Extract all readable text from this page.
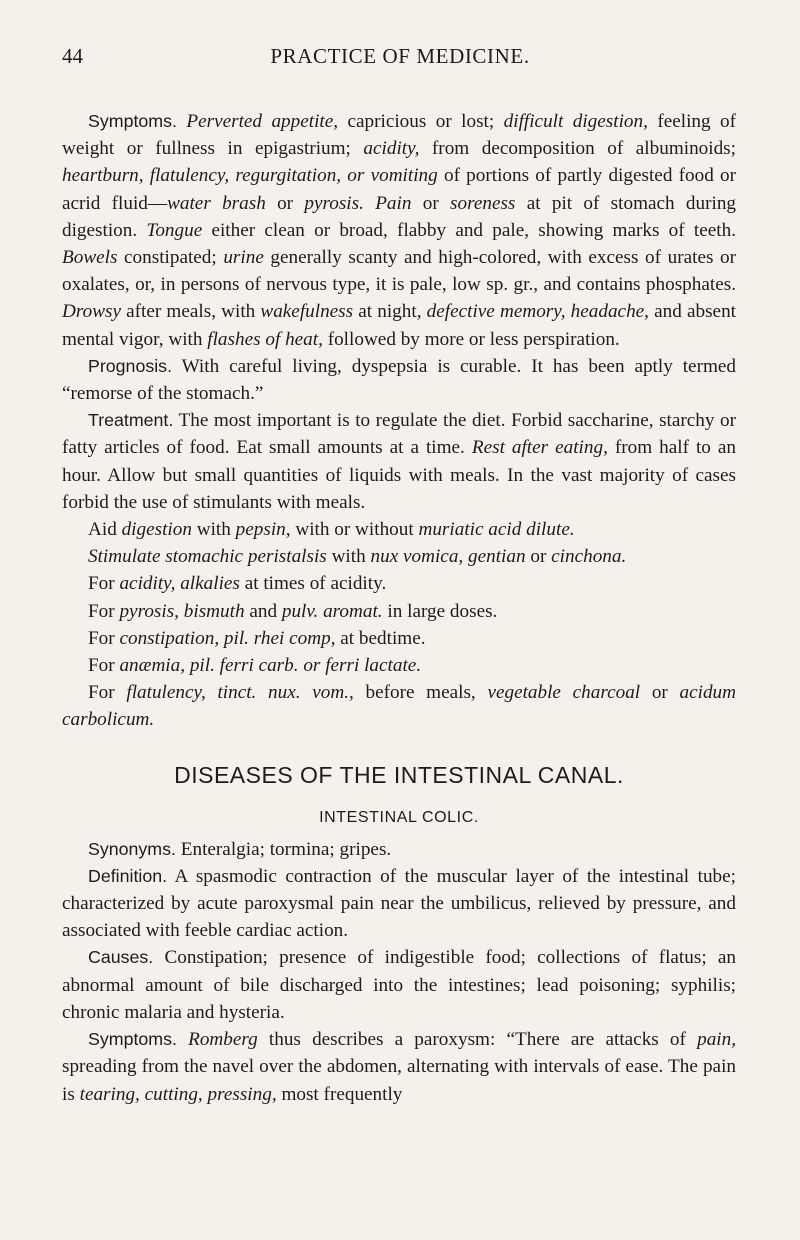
44	PRACTICE OF MEDICINE.

Symptoms. Perverted appetite, capricious or lost; difficult digestion, feeling of weight or fullness in epigastrium; acidity, from decomposition of albuminoids; heartburn, flatulency, regurgitation, or vomiting of portions of partly digested food or acrid fluid—water brash or pyrosis. Pain or soreness at pit of stomach during digestion. Tongue either clean or broad, flabby and pale, showing marks of teeth. Bowels constipated; urine generally scanty and high-colored, with excess of urates or oxalates, or, in persons of nervous type, it is pale, low sp. gr., and contains phosphates. Drowsy after meals, with wakefulness at night, defective memory, headache, and absent mental vigor, with flashes of heat, followed by more or less perspiration.

Prognosis. With careful living, dyspepsia is curable. It has been aptly termed “remorse of the stomach.”

Treatment. The most important is to regulate the diet. Forbid saccharine, starchy or fatty articles of food. Eat small amounts at a time. Rest after eating, from half to an hour. Allow but small quantities of liquids with meals. In the vast majority of cases forbid the use of stimulants with meals.

Aid digestion with pepsin, with or without muriatic acid dilute.

Stimulate stomachic peristalsis with nux vomica, gentian or cinchona.

For acidity, alkalies at times of acidity.

For pyrosis, bismuth and pulv. aromat. in large doses.

For constipation, pil. rhei comp, at bedtime.

For anæmia, pil. ferri carb. or ferri lactate.

For flatulency, tinct. nux. vom., before meals, vegetable charcoal or acidum carbolicum.

DISEASES OF THE INTESTINAL CANAL.
INTESTINAL COLIC.

Synonyms. Enteralgia; tormina; gripes.

Definition. A spasmodic contraction of the muscular layer of the intestinal tube; characterized by acute paroxysmal pain near the umbilicus, relieved by pressure, and associated with feeble cardiac action.

Causes. Constipation; presence of indigestible food; collections of flatus; an abnormal amount of bile discharged into the intestines; lead poisoning; syphilis; chronic malaria and hysteria.

Symptoms. Romberg thus describes a paroxysm: “There are attacks of pain, spreading from the navel over the abdomen, alternating with intervals of ease. The pain is tearing, cutting, pressing, most frequently
